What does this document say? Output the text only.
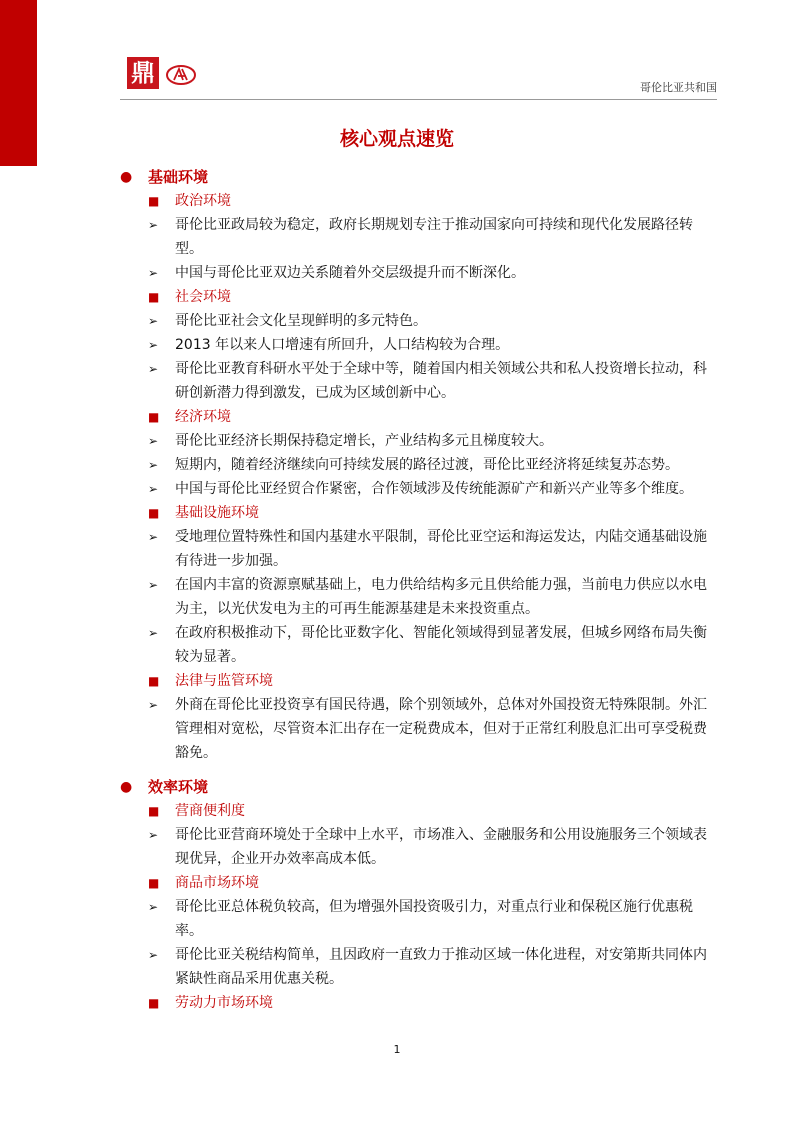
鼎
哥伦比亚共和国
核心观点速览
● 基础环境
■ 政治环境
➢ 哥伦比亚政局较为稳定，政府长期规划专注于推动国家向可持续和现代化发展路径转型。
➢ 中国与哥伦比亚双边关系随着外交层级提升而不断深化。
■ 社会环境
➢ 哥伦比亚社会文化呈现鲜明的多元特色。
➢ 2013 年以来人口增速有所回升，人口结构较为合理。
➢ 哥伦比亚教育科研水平处于全球中等，随着国内相关领域公共和私人投资增长拉动，科研创新潜力得到激发，已成为区域创新中心。
■ 经济环境
➢ 哥伦比亚经济长期保持稳定增长，产业结构多元且梯度较大。
➢ 短期内，随着经济继续向可持续发展的路径过渡，哥伦比亚经济将延续复苏态势。
➢ 中国与哥伦比亚经贸合作紧密，合作领域涉及传统能源矿产和新兴产业等多个维度。
■ 基础设施环境
➢ 受地理位置特殊性和国内基建水平限制，哥伦比亚空运和海运发达，内陆交通基础设施有待进一步加强。
➢ 在国内丰富的资源禀赋基础上，电力供给结构多元且供给能力强，当前电力供应以水电为主，以光伏发电为主的可再生能源基建是未来投资重点。
➢ 在政府积极推动下，哥伦比亚数字化、智能化领域得到显著发展，但城乡网络布局失衡较为显著。
■ 法律与监管环境
➢ 外商在哥伦比亚投资享有国民待遇，除个别领域外，总体对外国投资无特殊限制。外汇管理相对宽松，尽管资本汇出存在一定税费成本，但对于正常红利股息汇出可享受税费豁免。
● 效率环境
■ 营商便利度
➢ 哥伦比亚营商环境处于全球中上水平，市场准入、金融服务和公用设施服务三个领域表现优异，企业开办效率高成本低。
■ 商品市场环境
➢ 哥伦比亚总体税负较高，但为增强外国投资吸引力，对重点行业和保税区施行优惠税率。
➢ 哥伦比亚关税结构简单，且因政府一直致力于推动区域一体化进程，对安第斯共同体内紧缺性商品采用优惠关税。
■ 劳动力市场环境
1
